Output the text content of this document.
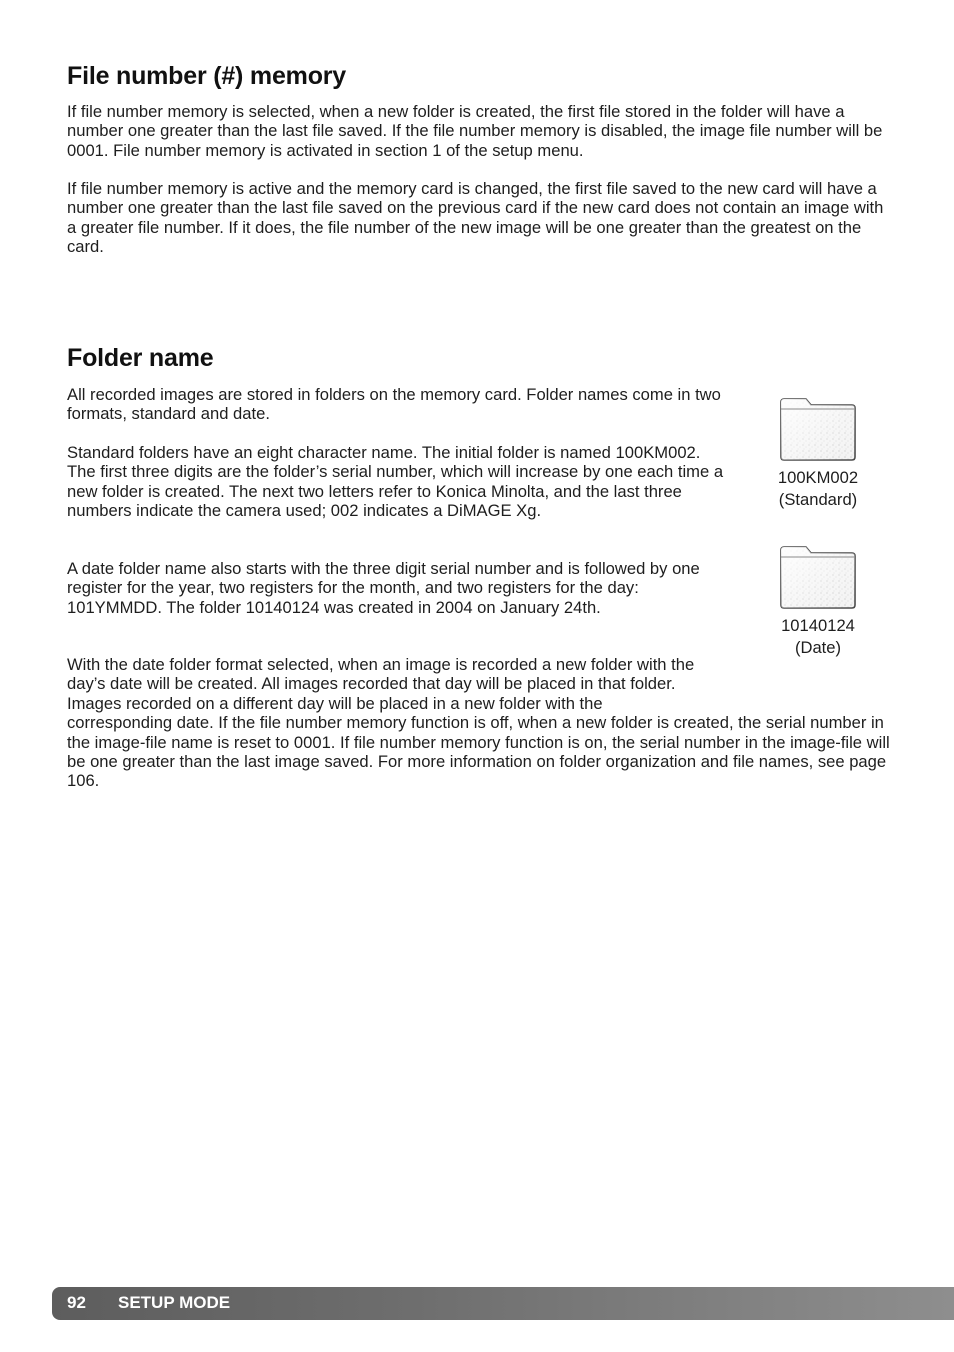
File number (#) memory

If file number memory is selected, when a new folder is created, the first file stored in the folder will have a number one greater than the last file saved. If the file number memory is disabled, the image file number will be 0001. File number memory is activated in section 1 of the setup menu.

If file number memory is active and the memory card is changed, the first file saved to the new card will have a number one greater than the last file saved on the previous card if the new card does not contain an image with a greater file number. If it does, the file number of the new image will be one greater than the greatest on the card.

Folder name

All recorded images are stored in folders on the memory card. Folder names come in two formats, standard and date.

Standard folders have an eight character name. The initial folder is named 100KM002. The first three digits are the folder’s serial number, which will increase by one each time a new folder is created. The next two letters refer to Konica Minolta, and the last three numbers indicate the camera used; 002 indicates a DiMAGE Xg.

A date folder name also starts with the three digit serial number and is followed by one register for the year, two registers for the month, and two registers for the day: 101YMMDD. The folder 10140124 was created in 2004 on January 24th.

With the date folder format selected, when an image is recorded a new folder with the day’s date will be created. All images recorded that day will be placed in that folder. Images recorded on a different day will be placed in a new folder with the corresponding date. If the file number memory function is off, when a new folder is created, the serial number in the image-file name is reset to 0001. If file number memory function is on, the serial number in the image-file will be one greater than the last image saved. For more information on folder organization and file names, see page 106.
100KM002
(Standard)
10140124
(Date)
92 SETUP MODE
